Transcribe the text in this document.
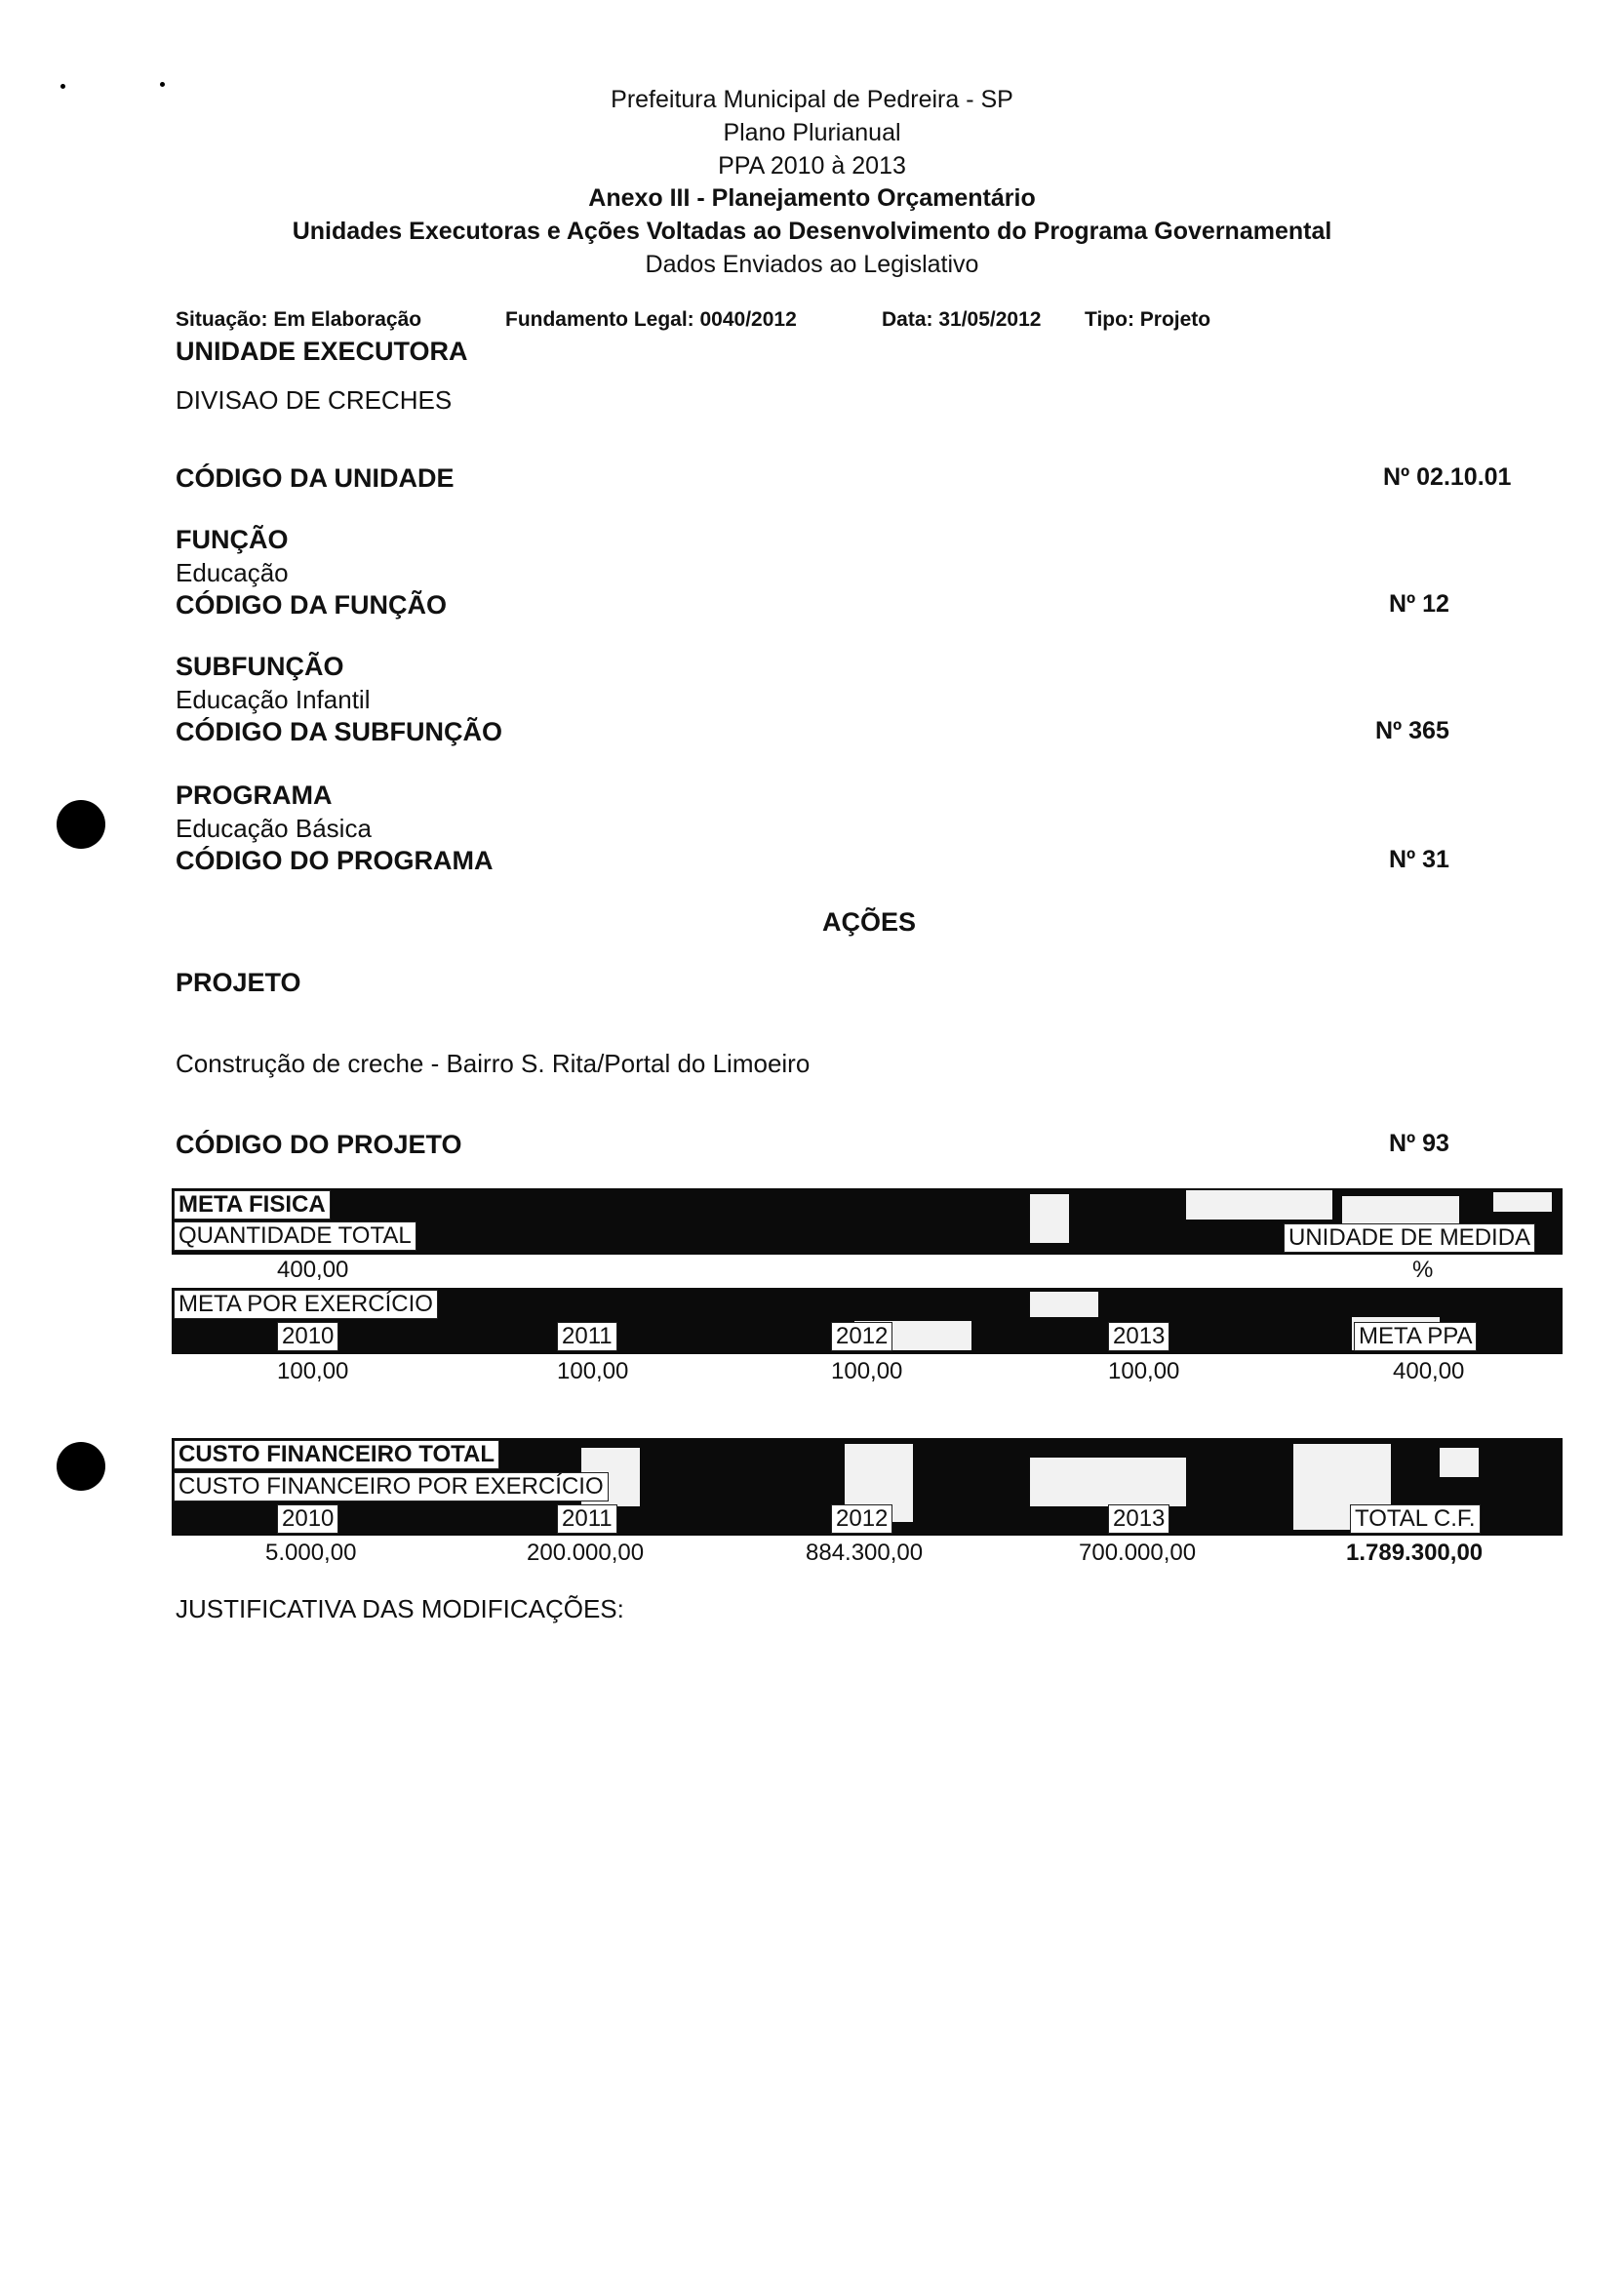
Prefeitura Municipal de Pedreira - SP
Plano Plurianual
PPA 2010 à 2013
Anexo III - Planejamento Orçamentário
Unidades Executoras e Ações Voltadas ao Desenvolvimento do Programa Governamental
Dados Enviados ao Legislativo
Situação: Em Elaboração	Fundamento Legal: 0040/2012	Data: 31/05/2012 Tipo: Projeto
UNIDADE EXECUTORA
DIVISAO DE CRECHES
CÓDIGO DA UNIDADE	Nº 02.10.01
FUNÇÃO
Educação
CÓDIGO DA FUNÇÃO	Nº 12
SUBFUNÇÃO
Educação Infantil
CÓDIGO DA SUBFUNÇÃO	Nº 365
PROGRAMA
Educação Básica
CÓDIGO DO PROGRAMA	Nº 31
AÇÕES
PROJETO
Construção de creche - Bairro S. Rita/Portal do Limoeiro
CÓDIGO DO PROJETO	Nº 93
META FISICA
QUANTIDADE TOTAL	UNIDADE DE MEDIDA
400,00	%
META POR EXERCÍCIO
2010	2011	2012	2013	META PPA
100,00	100,00	100,00	100,00	400,00
CUSTO FINANCEIRO TOTAL
CUSTO FINANCEIRO POR EXERCÍCIO
2010	2011	2012	2013	TOTAL C.F.
5.000,00	200.000,00	884.300,00	700.000,00	1.789.300,00
JUSTIFICATIVA DAS MODIFICAÇÕES:
